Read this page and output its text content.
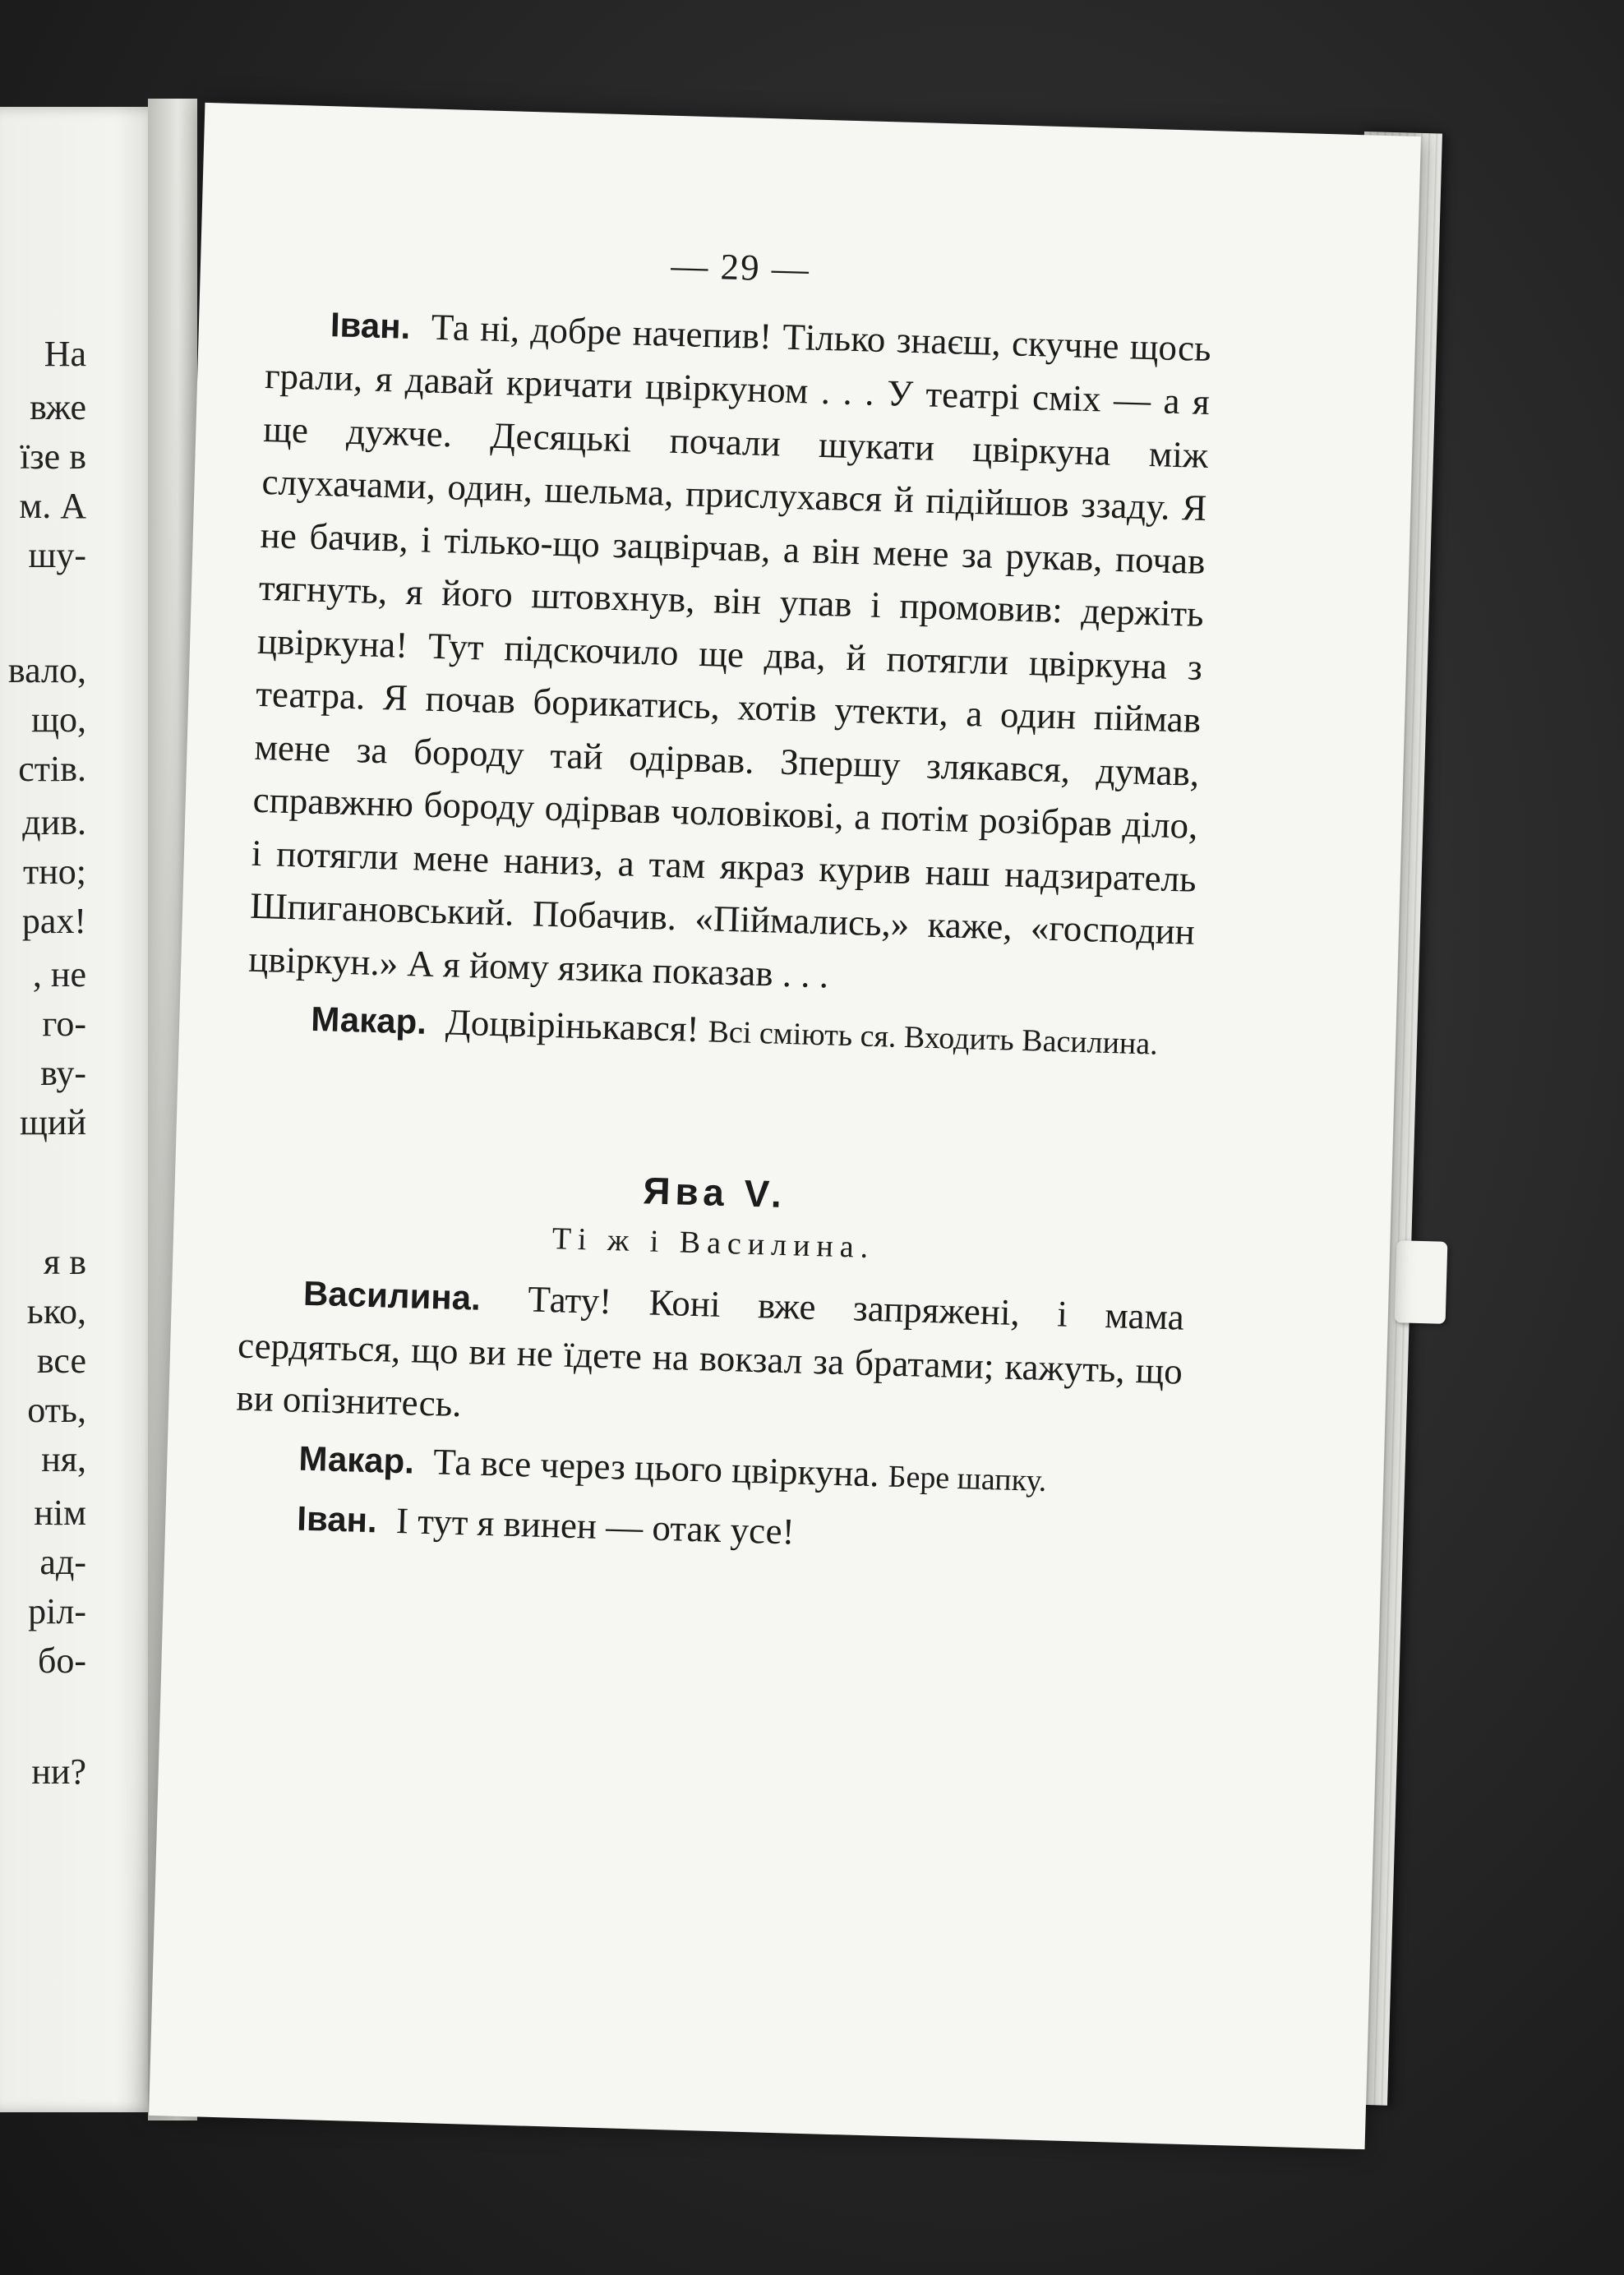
На
вже
їзе в
м. А
шу-
вало,
що,
стів.
див.
тно;
рах!
, не
го-
ву-
щий
я в
ько,
все
оть,
ня,
нім
ад-
ріл-
бо-
ни?
— 29 —

Іван. Та ні, добре начепив! Тілько знаєш, скучне щось грали, я давай кричати цвіркуном . . . У театрі сміх — а я ще дужче. Десяцькі почали шукати цвіркуна між слухачами, один, шельма, прислухався й підійшов ззаду. Я не бачив, і тілько-що зацвірчав, а він мене за рукав, почав тягнуть, я його штовхнув, він упав і промовив: держіть цвіркуна! Тут підскочило ще два, й потягли цвіркуна з театра. Я почав борикатись, хотів утекти, а один піймав мене за бороду тай одірвав. Зпершу злякався, думав, справжню бороду одірвав чоловікові, а потім розібрав діло, і потягли мене наниз, а там якраз курив наш надзиратель Шпигановський. Побачив. «Піймались,» каже, «господин цвіркун.» А я йому язика показав . . .

Макар. Доцвірінькався! Всі сміють ся. Входить Василина.

Ява V.
Ті ж і Василина.

Василина. Тату! Коні вже запряжені, і мама сердяться, що ви не їдете на вокзал за братами; кажуть, що ви опізнитесь.

Макар. Та все через цього цвіркуна. Бере шапку.

Іван. І тут я винен — отак усе!
